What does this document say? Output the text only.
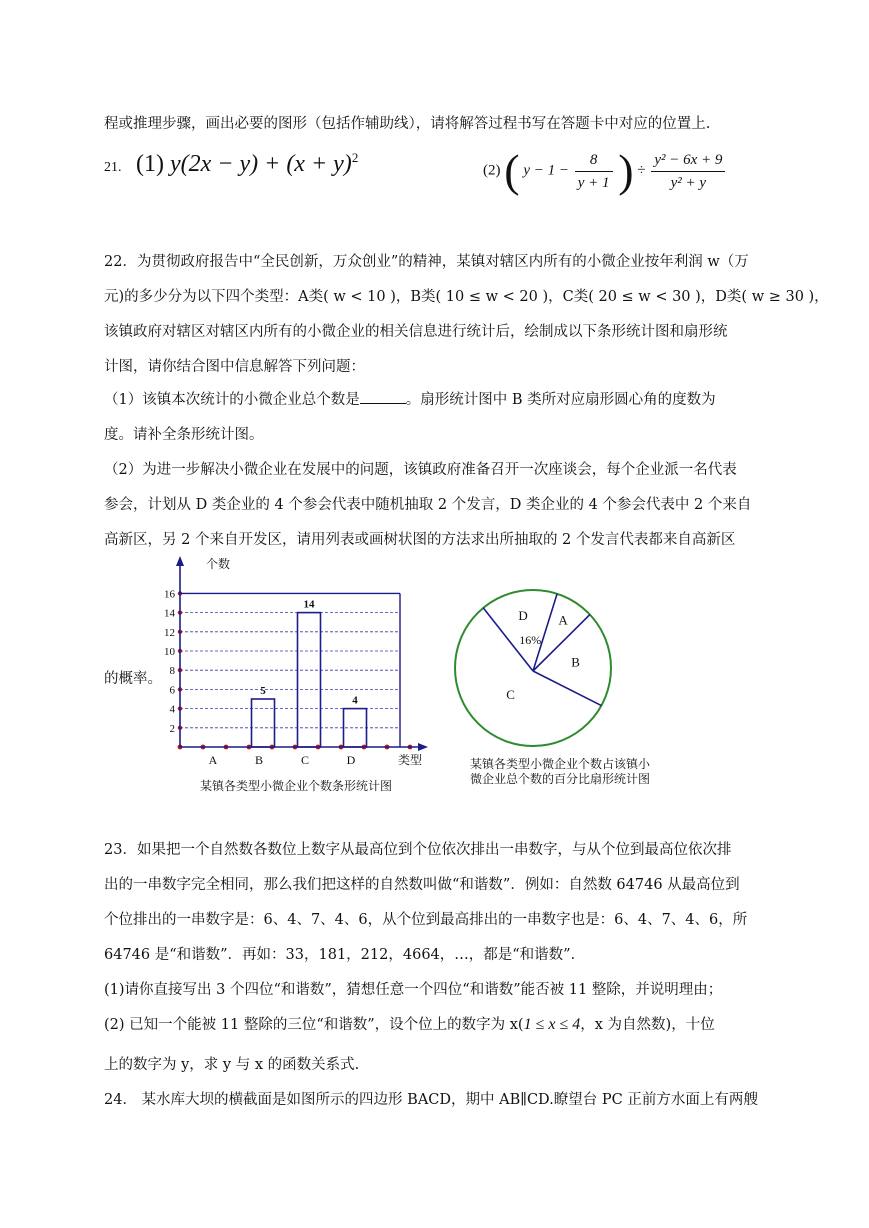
程或推理步骤，画出必要的图形（包括作辅助线），请将解答过程书写在答题卡中对应的位置上.
21. (1) $y(2x - y) + (x + y)^2$
(2) ( $y - 1 - \frac{8}{y + 1}$ ) ÷ $\frac{\text{y² − 6x + 9}}{\text{y² + y}}$
22．为贯彻政府报告中“全民创新，万众创业”的精神，某镇对辖区内所有的小微企业按年利润 w（万
元)的多少分为以下四个类型：A类( w < 10 )，B类( 10 ≤ w < 20 )，C类( 20 ≤ w < 30 )，D类( w ≥ 30 )，
该镇政府对辖区对辖区内所有的小微企业的相关信息进行统计后，绘制成以下条形统计图和扇形统
计图，请你结合图中信息解答下列问题：
（1）该镇本次统计的小微企业总个数是	。扇形统计图中 B 类所对应扇形圆心角的度数为
度。请补全条形统计图。
（2）为进一步解决小微企业在发展中的问题，该镇政府准备召开一次座谈会，每个企业派一名代表
参会，计划从 D 类企业的 4 个参会代表中随机抽取 2 个发言，D 类企业的 4 个参会代表中 2 个来自
高新区，另 2 个来自开发区，请用列表或画树状图的方法求出所抽取的 2 个发言代表都来自高新区
的概率。
2
4
6
8
10
12
14
16
A
5
B
14
C
4
D
个数
类型
某镇各类型小微企业个数条形统计图
A
B
C
D
16%
某镇各类型小微企业个数占该镇小
微企业总个数的百分比扇形统计图
23．如果把一个自然数各数位上数字从最高位到个位依次排出一串数字，与从个位到最高位依次排
出的一串数字完全相同，那么我们把这样的自然数叫做“和谐数”．例如：自然数 64746 从最高位到
个位排出的一串数字是：6、4、7、4、6，从个位到最高排出的一串数字也是：6、4、7、4、6，所
64746 是“和谐数”．再如：33，181，212，4664，…，都是“和谐数”．
(1)请你直接写出 3 个四位“和谐数”，猜想任意一个四位“和谐数”能否被 11 整除，并说明理由；
(2) 已知一个能被 11 整除的三位“和谐数”，设个位上的数字为 x(1 ≤ x ≤ 4，x 为自然数)，十位
上的数字为 y，求 y 与 x 的函数关系式.
24． 某水库大坝的横截面是如图所示的四边形 BACD，期中 AB∥CD.瞭望台 PC 正前方水面上有两艘
